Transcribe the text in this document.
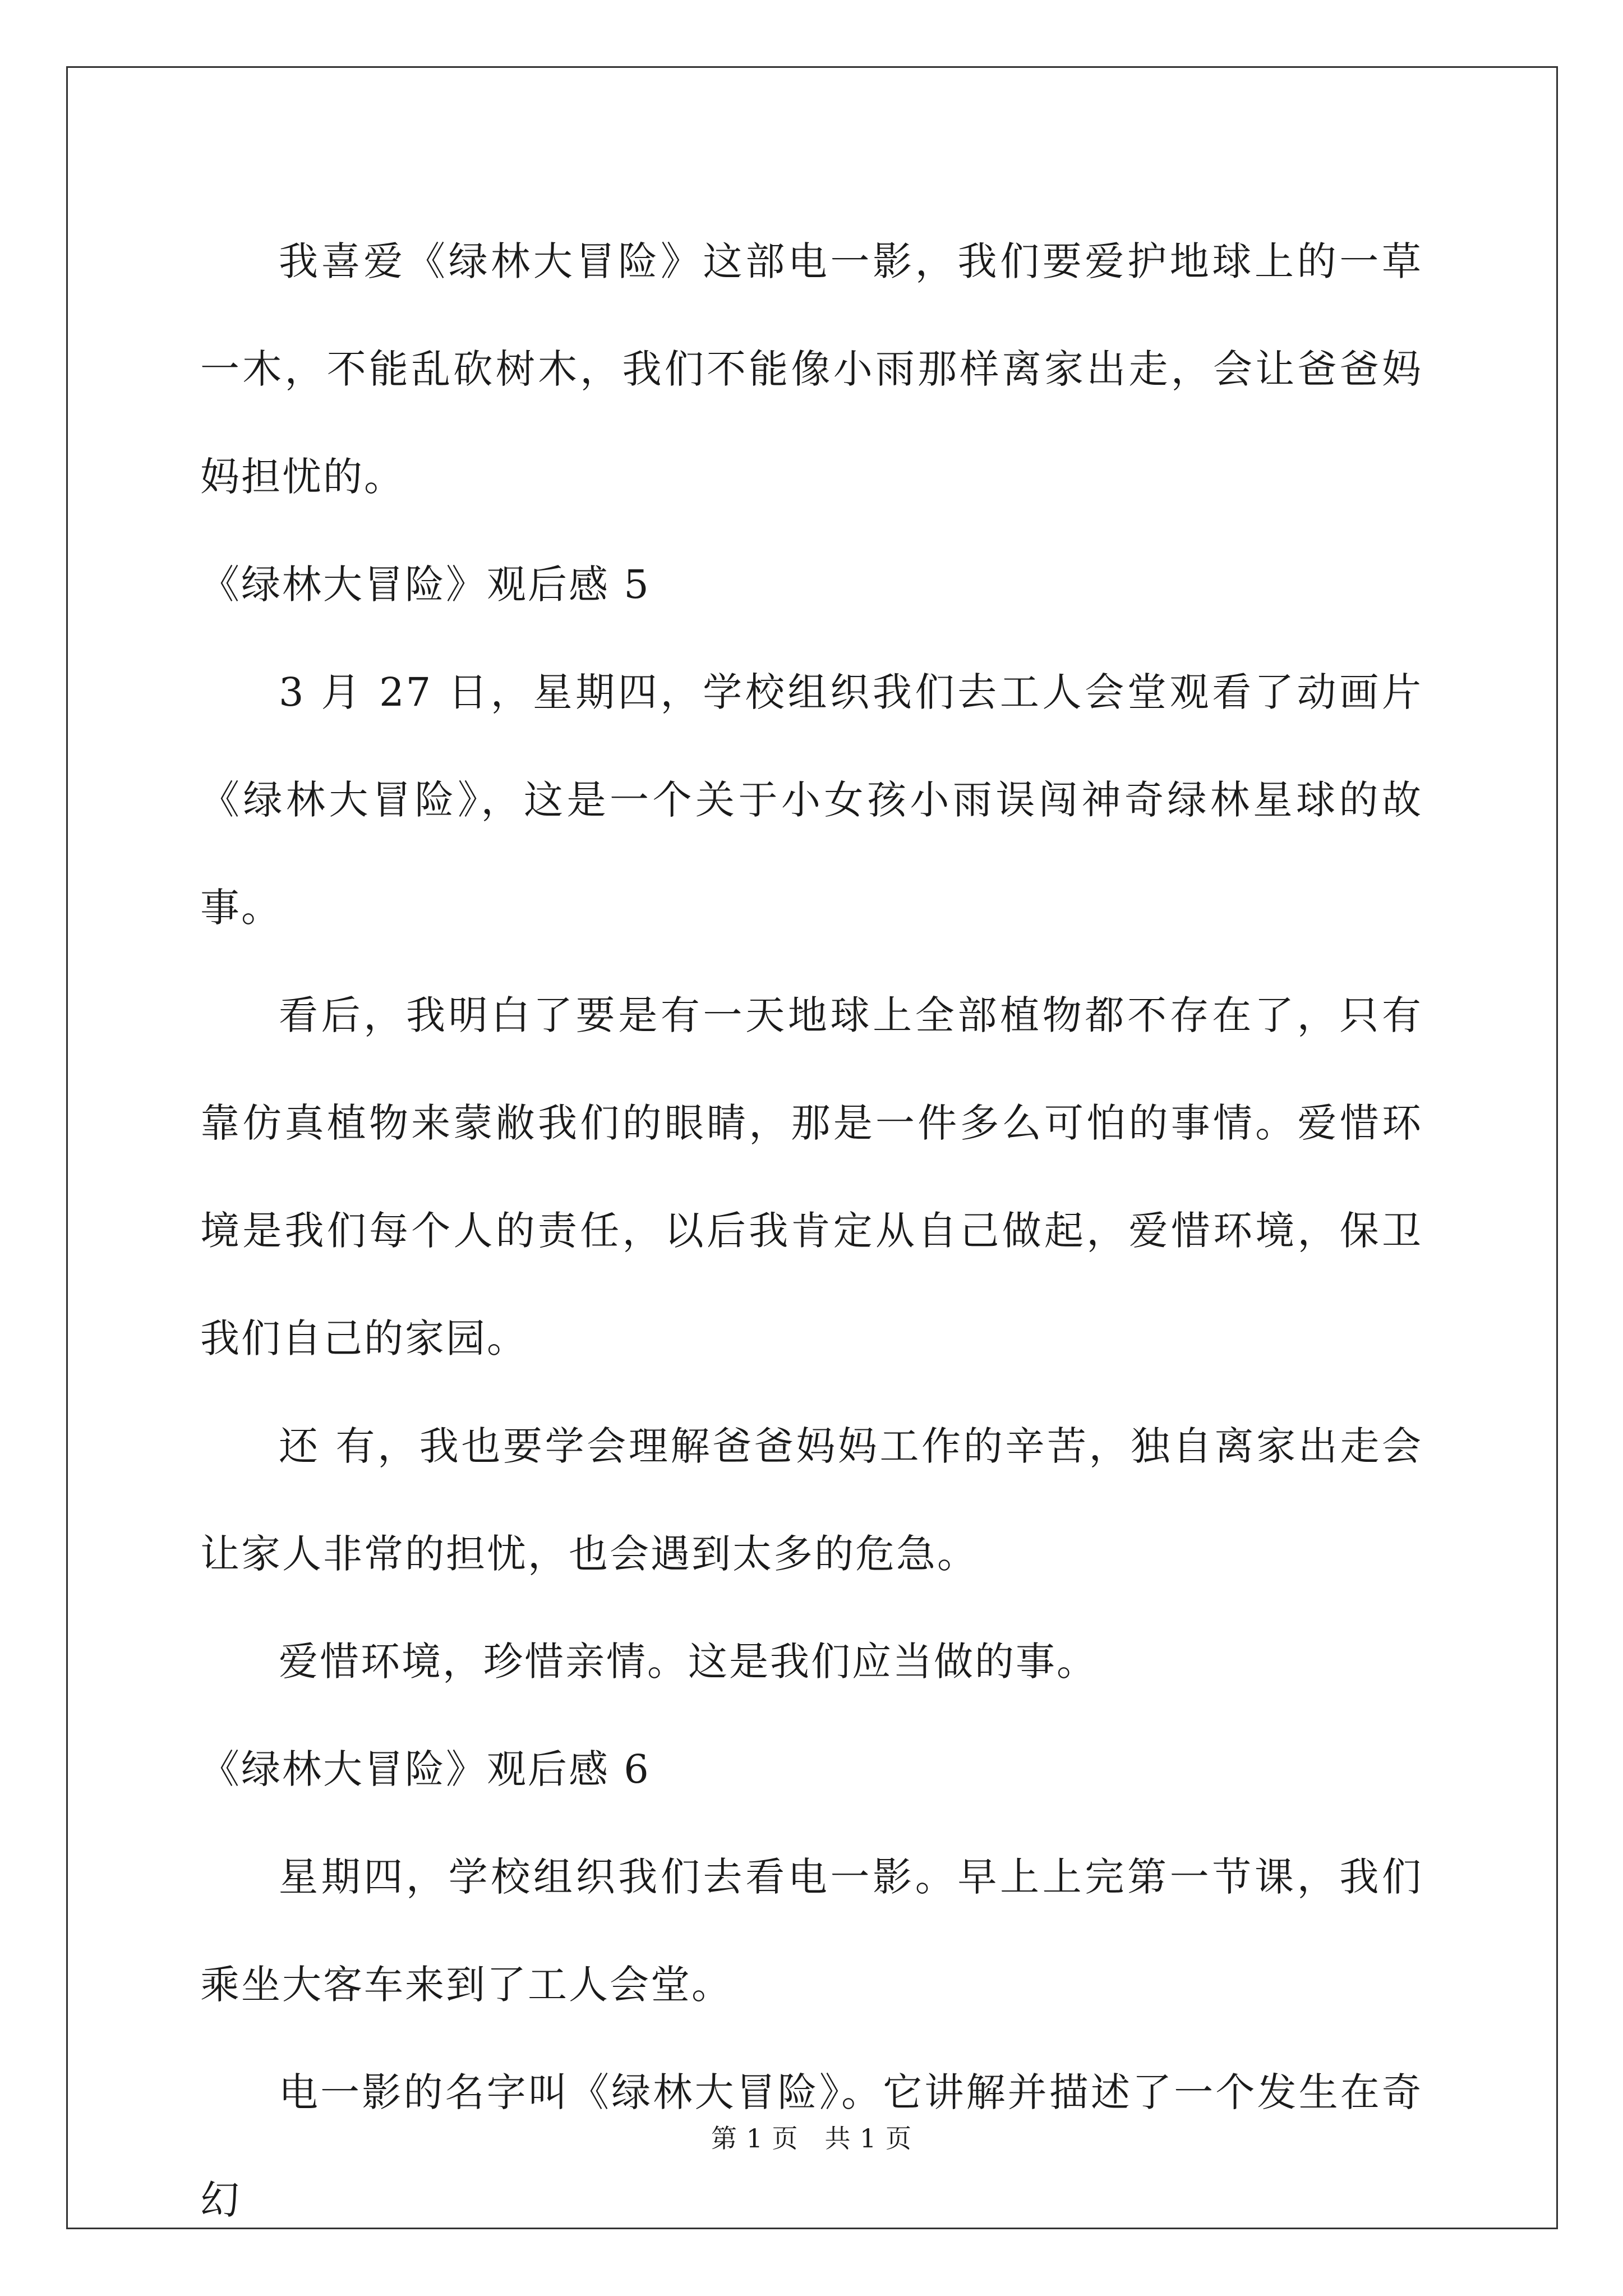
我喜爱《绿林大冒险》这部电一影，我们要爱护地球上的一草一木，不能乱砍树木，我们不能像小雨那样离家出走，会让爸爸妈妈担忧的。

《绿林大冒险》观后感 5

3 月 27 日，星期四，学校组织我们去工人会堂观看了动画片《绿林大冒险》，这是一个关于小女孩小雨误闯神奇绿林星球的故事。

看后，我明白了要是有一天地球上全部植物都不存在了，只有靠仿真植物来蒙敝我们的眼睛，那是一件多么可怕的事情。爱惜环境是我们每个人的责任，以后我肯定从自己做起，爱惜环境，保卫我们自己的家园。

还 有，我也要学会理解爸爸妈妈工作的辛苦，独自离家出走会让家人非常的担忧，也会遇到太多的危急。

爱惜环境，珍惜亲情。这是我们应当做的事。

《绿林大冒险》观后感 6

星期四，学校组织我们去看电一影。早上上完第一节课，我们乘坐大客车来到了工人会堂。

电一影的名字叫《绿林大冒险》。它讲解并描述了一个发生在奇幻

第 1 页 共 1 页
